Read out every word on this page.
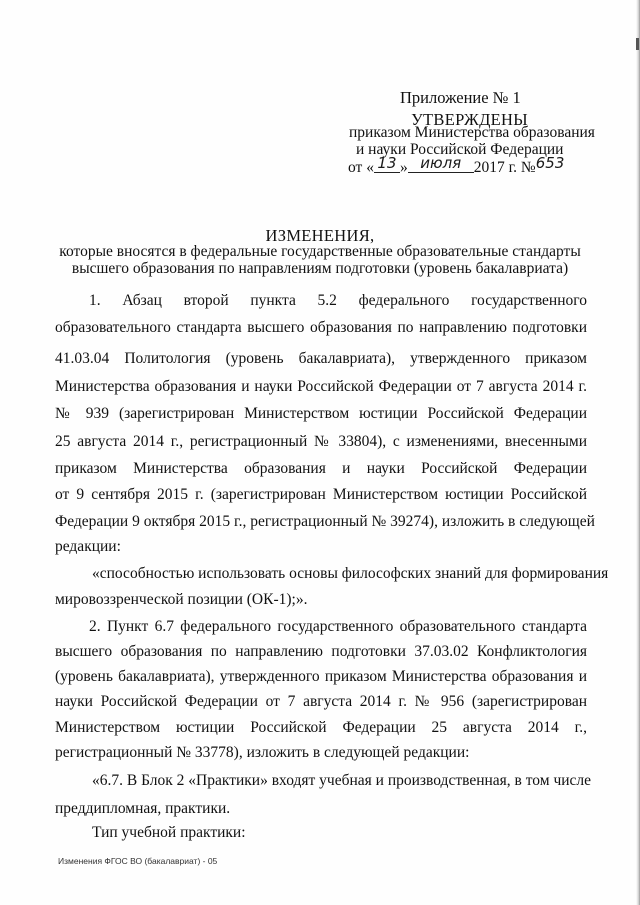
Приложение № 1
УТВЕРЖДЕНЫ
приказом Министерства образования
и науки Российской Федерации
от « 13 » июля 2017 г. №653
ИЗМЕНЕНИЯ,
которые вносятся в федеральные государственные образовательные стандарты
высшего образования по направлениям подготовки (уровень бакалавриата)
1. Абзац второй пункта 5.2 федерального государственного
образовательного стандарта высшего образования по направлению подготовки
41.03.04 Политология (уровень бакалавриата), утвержденного приказом
Министерства образования и науки Российской Федерации от 7 августа 2014 г.
№ 939 (зарегистрирован Министерством юстиции Российской Федерации
25 августа 2014 г., регистрационный № 33804), с изменениями, внесенными
приказом Министерства образования и науки Российской Федерации
от 9 сентября 2015 г. (зарегистрирован Министерством юстиции Российской
Федерации 9 октября 2015 г., регистрационный № 39274), изложить в следующей
редакции:
«способностью использовать основы философских знаний для формирования
мировоззренческой позиции (ОК-1);».
2. Пункт 6.7 федерального государственного образовательного стандарта
высшего образования по направлению подготовки 37.03.02 Конфликтология
(уровень бакалавриата), утвержденного приказом Министерства образования и
науки Российской Федерации от 7 августа 2014 г. № 956 (зарегистрирован
Министерством юстиции Российской Федерации 25 августа 2014 г.,
регистрационный № 33778), изложить в следующей редакции:
«6.7. В Блок 2 «Практики» входят учебная и производственная, в том числе
преддипломная, практики.
Тип учебной практики:
Изменения ФГОС ВО (бакалавриат) - 05
